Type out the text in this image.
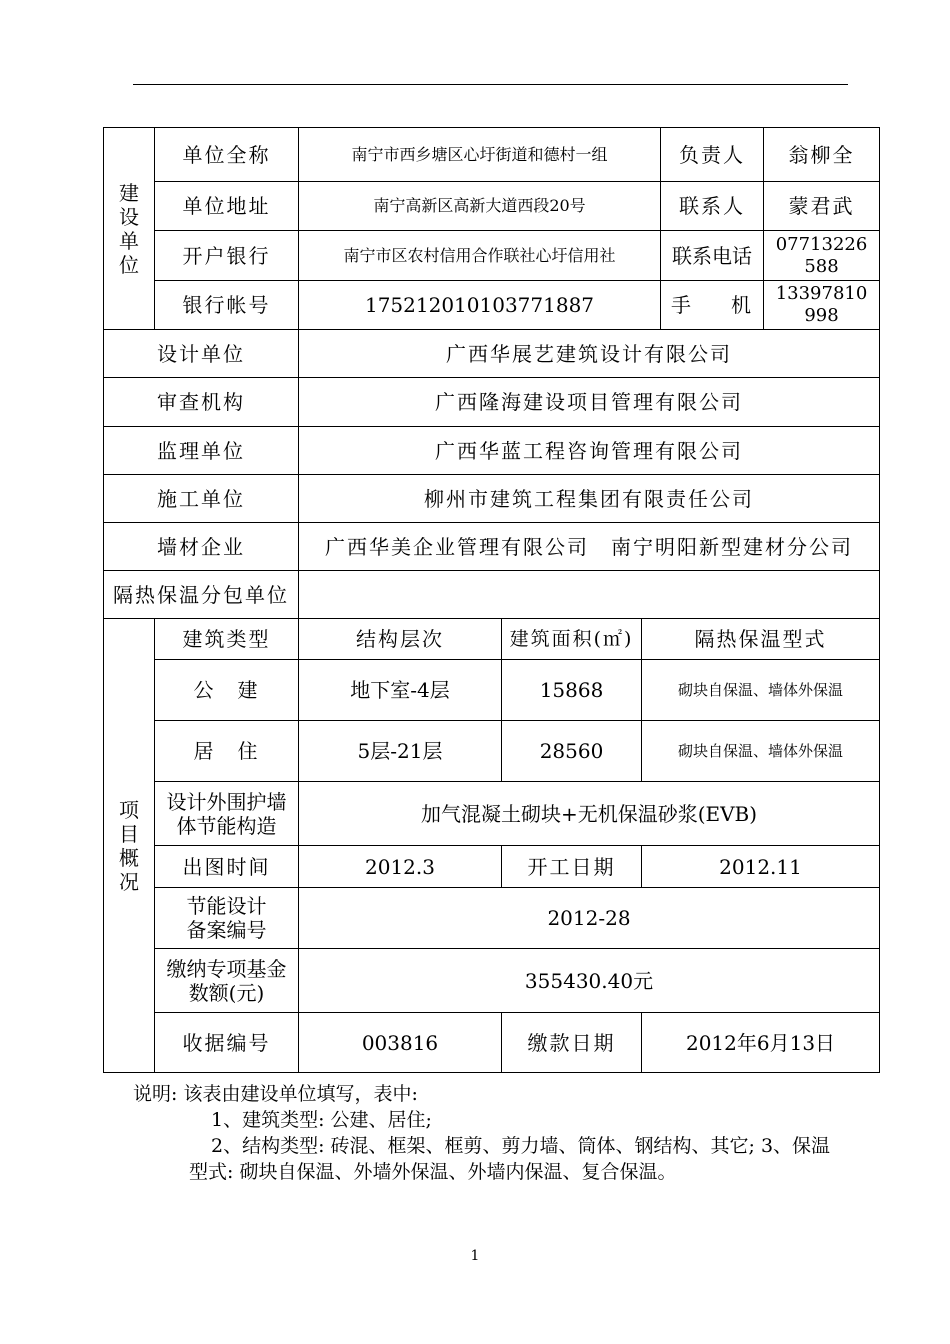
建
设
单
位	单位全称	南宁市西乡塘区心圩街道和德村一组			负责人	翁柳全
	单位地址	南宁高新区高新大道西段20号			联系人	蒙君武
	开户银行	南宁市区农村信用合作联社心圩信用社			联系电话	07713226
588

	银行帐号	175212010103771887			手　　机	13397810
998

设计单位		广西华展艺建筑设计有限公司				
审查机构		广西隆海建设项目管理有限公司				
监理单位		广西华蓝工程咨询管理有限公司				
施工单位		柳州市建筑工程集团有限责任公司				
墙材企业		广西华美企业管理有限公司　南宁明阳新型建材分公司				
隔热保温分包单位						

项
目
概
况	建筑类型	结构层次	建筑面积(㎡)	隔热保温型式		
	公　建	地下室-4层	15868	砌块自保温、墙体外保温		
	居　住	5层-21层	28560	砌块自保温、墙体外保温		

	设计外围护墙
体节能构造	加气混凝土砌块+无机保温砂浆(EVB)				
	出图时间	2012.3	开工日期	2012.11		

	节能设计
备案编号	2012-28				

	缴纳专项基金
数额(元)	355430.40元				
	收据编号	003816	缴款日期	2012年6月13日		
说明: 该表由建设单位填写，表中:
　　1、建筑类型: 公建、居住;
　　2、结构类型: 砖混、框架、框剪、剪力墙、筒体、钢结构、其它; 3、保温
型式: 砌块自保温、外墙外保温、外墙内保温、复合保温。
1
